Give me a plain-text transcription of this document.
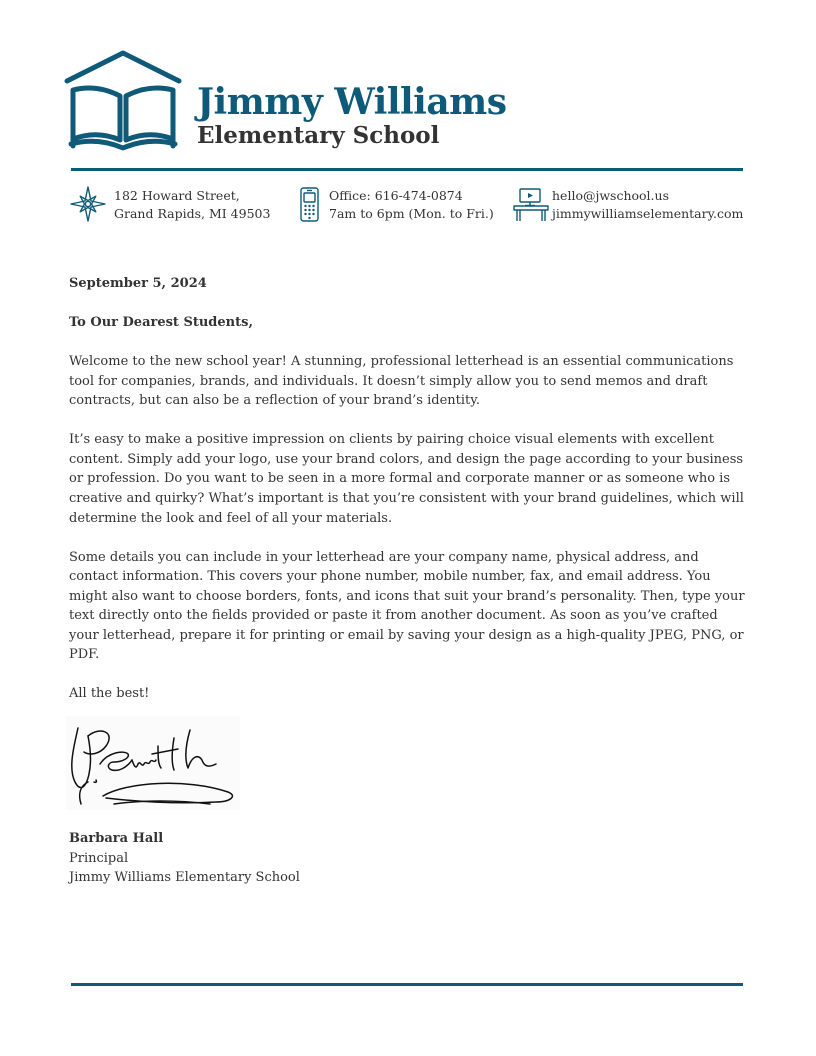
Jimmy Williams
Elementary School
182 Howard Street,
Grand Rapids, MI 49503
Office: 616-474-0874
7am to 6pm (Mon. to Fri.)
hello@jwschool.us
jimmywilliamselementary.com

September 5, 2024

To Our Dearest Students,

Welcome to the new school year! A stunning, professional letterhead is an essential communications tool for companies, brands, and individuals. It doesn’t simply allow you to send memos and draft contracts, but can also be a reflection of your brand’s identity.

It’s easy to make a positive impression on clients by pairing choice visual elements with excellent content. Simply add your logo, use your brand colors, and design the page according to your business or profession. Do you want to be seen in a more formal and corporate manner or as someone who is creative and quirky? What’s important is that you’re consistent with your brand guidelines, which will determine the look and feel of all your materials.

Some details you can include in your letterhead are your company name, physical address, and contact information. This covers your phone number, mobile number, fax, and email address. You might also want to choose borders, fonts, and icons that suit your brand’s personality. Then, type your text directly onto the fields provided or paste it from another document. As soon as you’ve crafted your letterhead, prepare it for printing or email by saving your design as a high-quality JPEG, PNG, or PDF.

All the best!

Barbara Hall

Principal

Jimmy Williams Elementary School
